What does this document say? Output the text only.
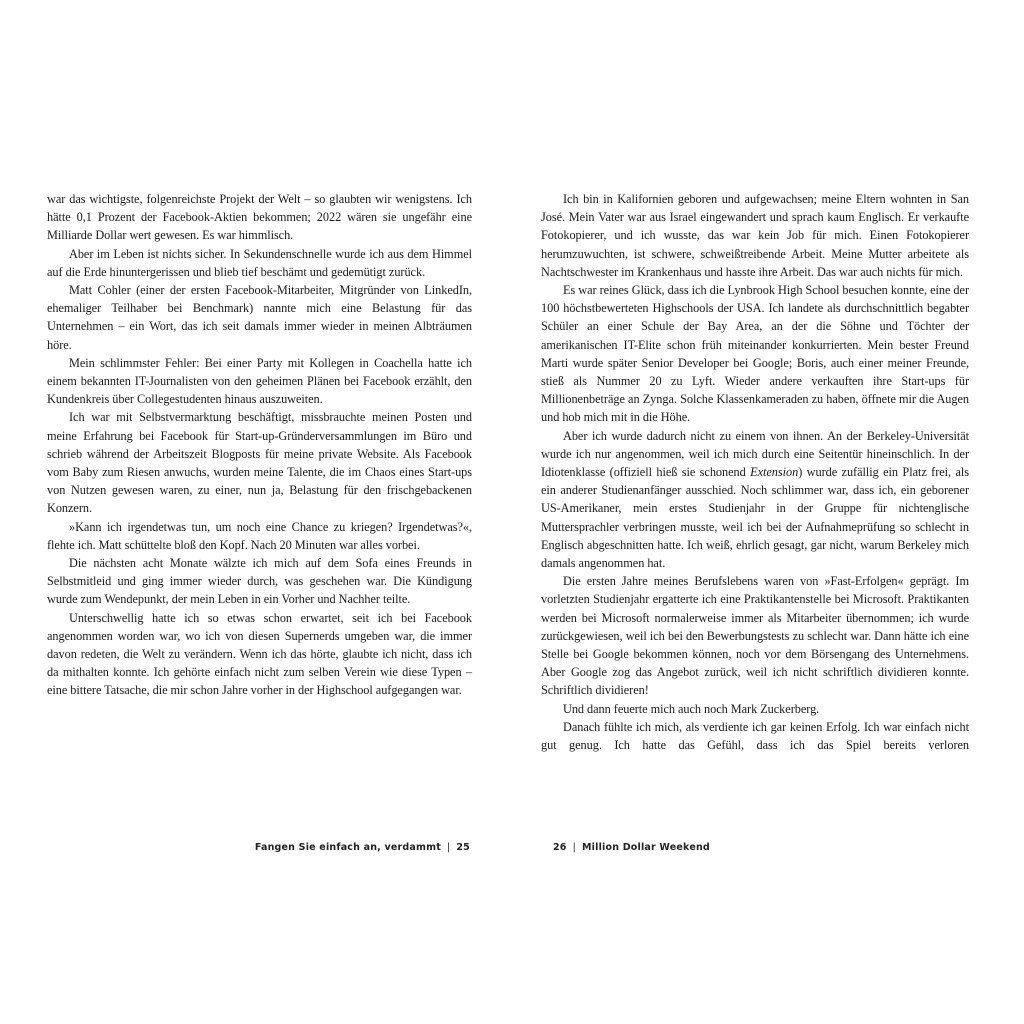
war das wichtigste, folgenreichste Projekt der Welt – so glaubten wir wenigstens. Ich hätte 0,1 Prozent der Facebook-Aktien bekommen; 2022 wären sie ungefähr eine Milliarde Dollar wert gewesen. Es war himmlisch.

Aber im Leben ist nichts sicher. In Sekundenschnelle wurde ich aus dem Himmel auf die Erde hinuntergerissen und blieb tief beschämt und gedemütigt zurück.

Matt Cohler (einer der ersten Facebook-Mitarbeiter, Mitgründer von LinkedIn, ehemaliger Teilhaber bei Benchmark) nannte mich eine Belastung für das Unternehmen – ein Wort, das ich seit damals immer wieder in meinen Albträumen höre.

Mein schlimmster Fehler: Bei einer Party mit Kollegen in Coachella hatte ich einem bekannten IT-Journalisten von den geheimen Plänen bei Facebook erzählt, den Kundenkreis über Collegestudenten hinaus auszuweiten.

Ich war mit Selbstvermarktung beschäftigt, missbrauchte meinen Posten und meine Erfahrung bei Facebook für Start-up-Gründerversammlungen im Büro und schrieb während der Arbeitszeit Blogposts für meine private Website. Als Facebook vom Baby zum Riesen anwuchs, wurden meine Talente, die im Chaos eines Start-ups von Nutzen gewesen waren, zu einer, nun ja, Belastung für den frischgebackenen Konzern.

»Kann ich irgendetwas tun, um noch eine Chance zu kriegen? Irgendetwas?«, flehte ich. Matt schüttelte bloß den Kopf. Nach 20 Minuten war alles vorbei.

Die nächsten acht Monate wälzte ich mich auf dem Sofa eines Freunds in Selbstmitleid und ging immer wieder durch, was geschehen war. Die Kündigung wurde zum Wendepunkt, der mein Leben in ein Vorher und Nachher teilte.

Unterschwellig hatte ich so etwas schon erwartet, seit ich bei Facebook angenommen worden war, wo ich von diesen Supernerds umgeben war, die immer davon redeten, die Welt zu verändern. Wenn ich das hörte, glaubte ich nicht, dass ich da mithalten konnte. Ich gehörte einfach nicht zum selben Verein wie diese Typen – eine bittere Tatsache, die mir schon Jahre vorher in der Highschool aufgegangen war.

Fangen Sie einfach an, verdammt | 25

Ich bin in Kalifornien geboren und aufgewachsen; meine Eltern wohnten in San José. Mein Vater war aus Israel eingewandert und sprach kaum Englisch. Er verkaufte Fotokopierer, und ich wusste, das war kein Job für mich. Einen Fotokopierer herumzuwuchten, ist schwere, schweißtreibende Arbeit. Meine Mutter arbeitete als Nachtschwester im Krankenhaus und hasste ihre Arbeit. Das war auch nichts für mich.

Es war reines Glück, dass ich die Lynbrook High School besuchen konnte, eine der 100 höchstbewerteten Highschools der USA. Ich landete als durchschnittlich begabter Schüler an einer Schule der Bay Area, an der die Söhne und Töchter der amerikanischen IT-Elite schon früh miteinander konkurrierten. Mein bester Freund Marti wurde später Senior Developer bei Google; Boris, auch einer meiner Freunde, stieß als Nummer 20 zu Lyft. Wieder andere verkauften ihre Start-ups für Millionenbeträge an Zynga. Solche Klassenkameraden zu haben, öffnete mir die Augen und hob mich mit in die Höhe.

Aber ich wurde dadurch nicht zu einem von ihnen. An der Berkeley-Universität wurde ich nur angenommen, weil ich mich durch eine Seitentür hineinschlich. In der Idiotenklasse (offiziell hieß sie schonend Extension) wurde zufällig ein Platz frei, als ein anderer Studienanfänger ausschied. Noch schlimmer war, dass ich, ein geborener US-Amerikaner, mein erstes Studienjahr in der Gruppe für nichtenglische Muttersprachler verbringen musste, weil ich bei der Aufnahmeprüfung so schlecht in Englisch abgeschnitten hatte. Ich weiß, ehrlich gesagt, gar nicht, warum Berkeley mich damals angenommen hat.

Die ersten Jahre meines Berufslebens waren von »Fast-Erfolgen« geprägt. Im vorletzten Studienjahr ergatterte ich eine Praktikantenstelle bei Microsoft. Praktikanten werden bei Microsoft normalerweise immer als Mitarbeiter übernommen; ich wurde zurückgewiesen, weil ich bei den Bewerbungstests zu schlecht war. Dann hätte ich eine Stelle bei Google bekommen können, noch vor dem Börsengang des Unternehmens. Aber Google zog das Angebot zurück, weil ich nicht schriftlich dividieren konnte. Schriftlich dividieren!

Und dann feuerte mich auch noch Mark Zuckerberg.

Danach fühlte ich mich, als verdiente ich gar keinen Erfolg. Ich war einfach nicht gut genug. Ich hatte das Gefühl, dass ich das Spiel bereits verloren

26 | Million Dollar Weekend
